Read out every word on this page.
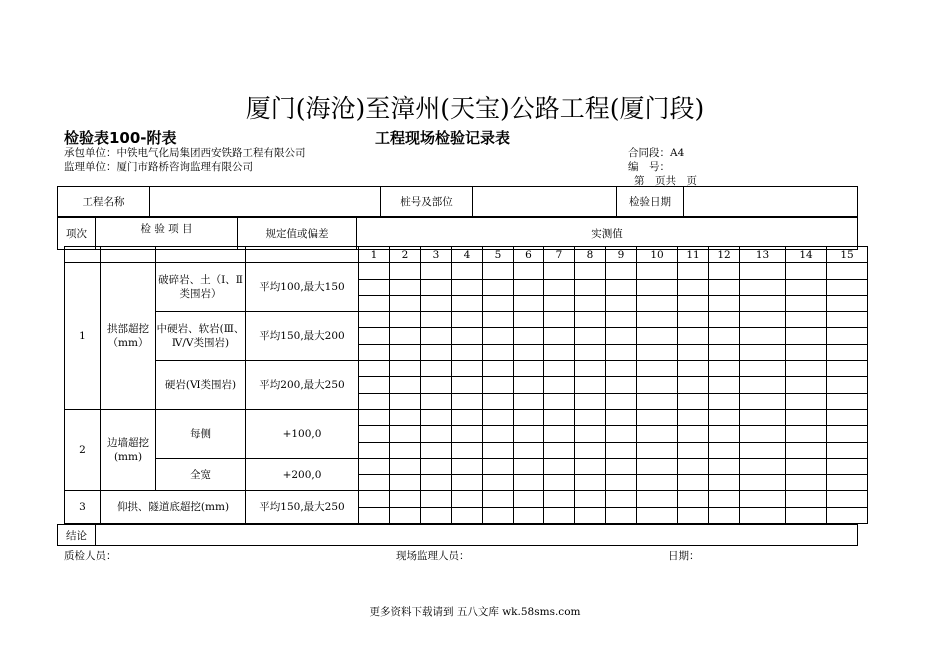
厦门(海沧)至漳州(天宝)公路工程(厦门段)
检验表100-附表	工程现场检验记录表
承包单位：中铁电气化局集团西安铁路工程有限公司
监理单位：厦门市路桥咨询监理有限公司
合同段：A4
编　号：
第　页共　页
工程名称		桩号及部位		检验日期	
项次	检 验 项 目	规定值或偏差	实测值
				1	2	3	4	5	6	7	8	9	10	11	12	13	14	15
1	拱部超挖（mm）	破碎岩、土（Ⅰ、Ⅱ类围岩）	平均100,最大150															

		中硬岩、软岩(Ⅲ、Ⅳ/Ⅴ类围岩)	平均150,最大200															

		硬岩(Ⅵ类围岩)	平均200,最大250															

2	边墙超挖(mm)	每侧	+100,0															

		全宽	+200,0															

3	仰拱、隧道底超挖(mm)		平均150,最大250															

结论	
质检人员：	现场监理人员：	日期：
更多资料下载请到 五八文库 wk.58sms.com
